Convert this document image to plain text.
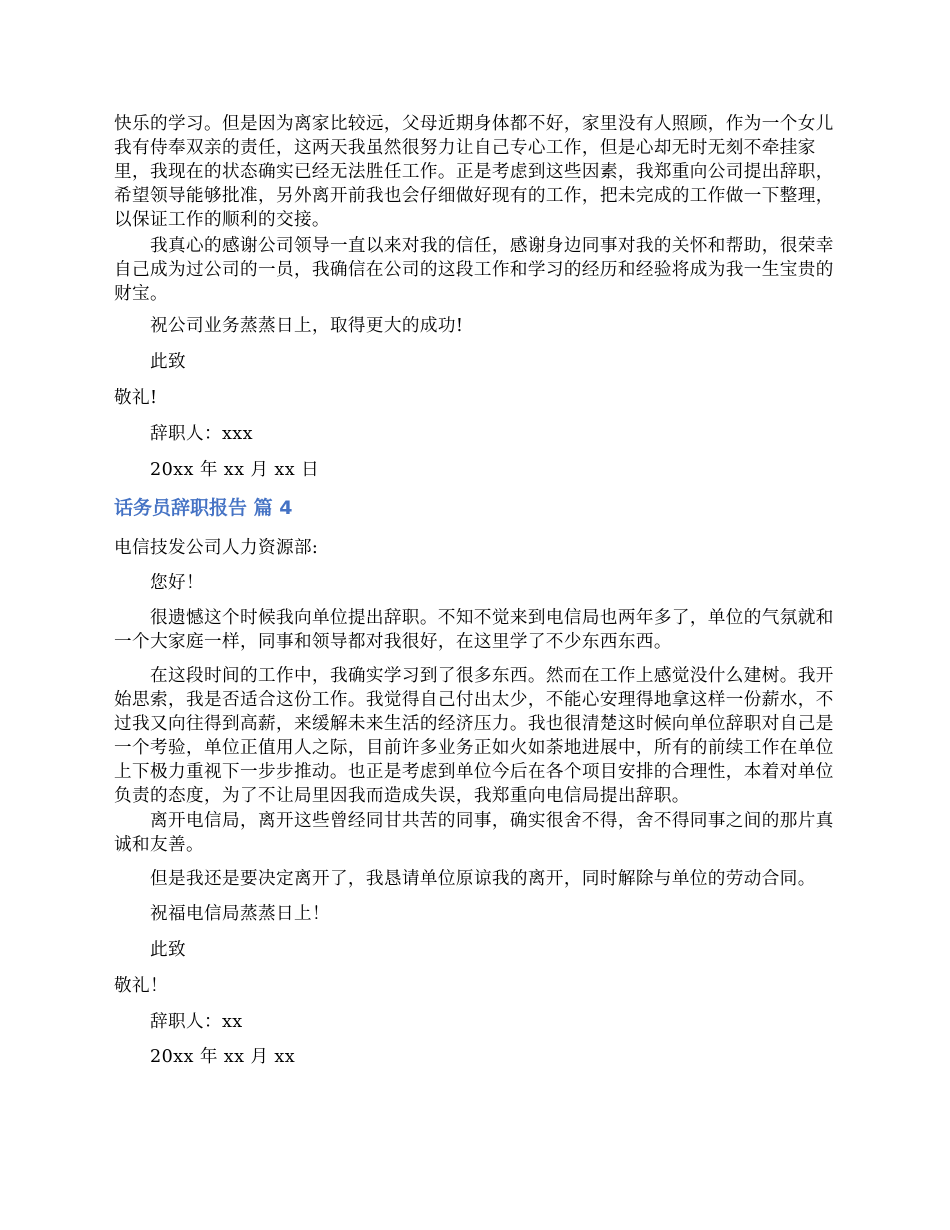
快乐的学习。但是因为离家比较远，父母近期身体都不好，家里没有人照顾，作为一个女儿我有侍奉双亲的责任，这两天我虽然很努力让自己专心工作，但是心却无时无刻不牵挂家里，我现在的状态确实已经无法胜任工作。正是考虑到这些因素，我郑重向公司提出辞职，希望领导能够批准，另外离开前我也会仔细做好现有的工作，把未完成的工作做一下整理，以保证工作的顺利的交接。

我真心的感谢公司领导一直以来对我的信任，感谢身边同事对我的关怀和帮助，很荣幸自己成为过公司的一员，我确信在公司的这段工作和学习的经历和经验将成为我一生宝贵的财宝。

祝公司业务蒸蒸日上，取得更大的成功!

此致

敬礼!

辞职人：xxx

20xx 年 xx 月 xx 日

话务员辞职报告 篇 4

电信技发公司人力资源部:

您好！

很遗憾这个时候我向单位提出辞职。不知不觉来到电信局也两年多了，单位的气氛就和一个大家庭一样，同事和领导都对我很好，在这里学了不少东西东西。

在这段时间的工作中，我确实学习到了很多东西。然而在工作上感觉没什么建树。我开始思索，我是否适合这份工作。我觉得自己付出太少，不能心安理得地拿这样一份薪水，不过我又向往得到高薪，来缓解未来生活的经济压力。我也很清楚这时候向单位辞职对自己是一个考验，单位正值用人之际，目前许多业务正如火如荼地进展中，所有的前续工作在单位上下极力重视下一步步推动。也正是考虑到单位今后在各个项目安排的合理性，本着对单位负责的态度，为了不让局里因我而造成失误，我郑重向电信局提出辞职。

离开电信局，离开这些曾经同甘共苦的同事，确实很舍不得，舍不得同事之间的那片真诚和友善。

但是我还是要决定离开了，我恳请单位原谅我的离开，同时解除与单位的劳动合同。

祝福电信局蒸蒸日上！

此致

敬礼！

辞职人：xx

20xx 年 xx 月 xx
